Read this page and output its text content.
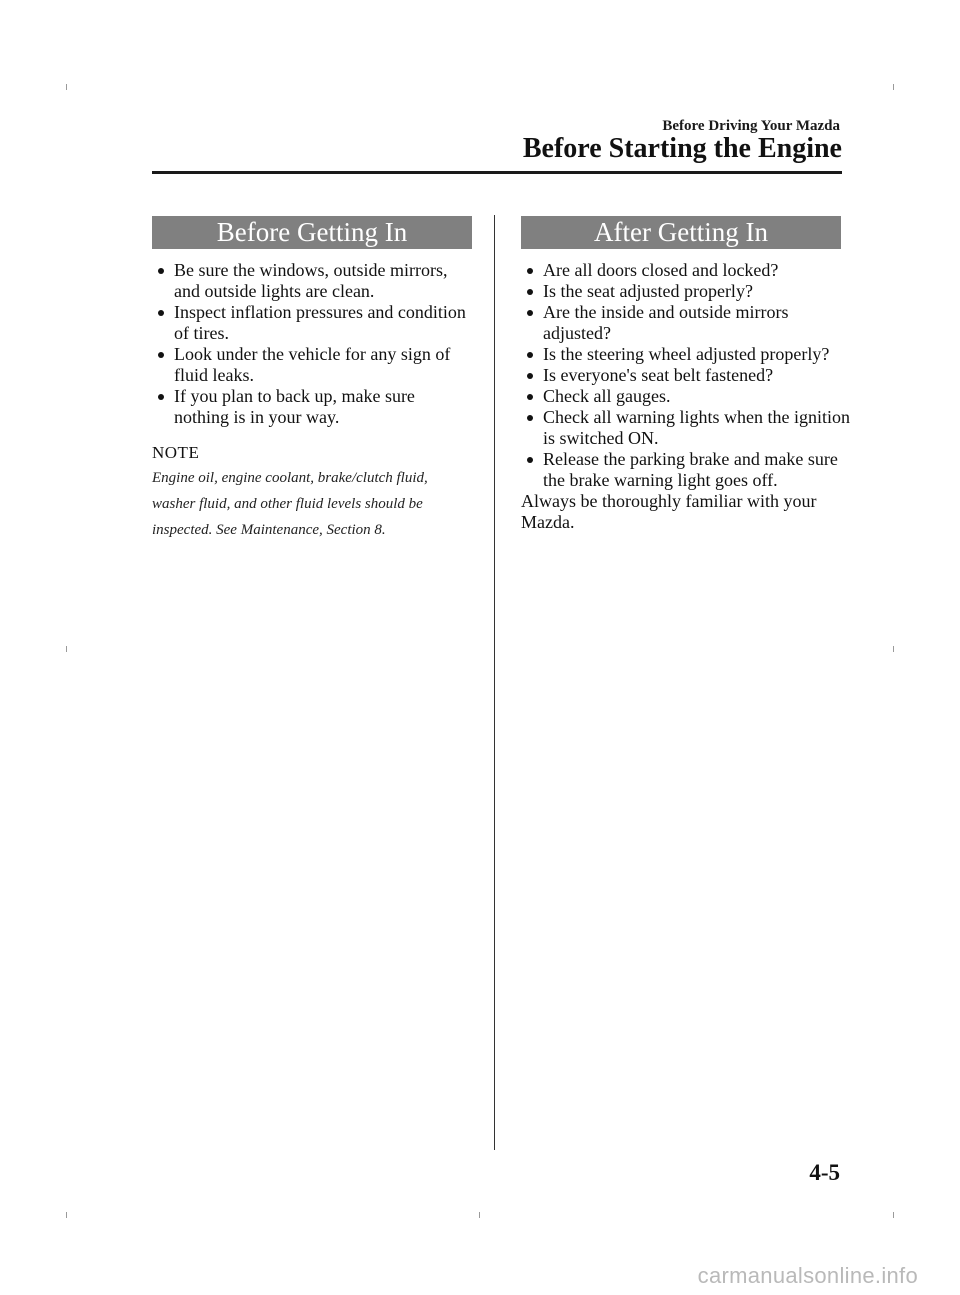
Before Driving Your Mazda
Before Starting the Engine
Before Getting In
Be sure the windows, outside mirrors, and outside lights are clean.
Inspect inflation pressures and condition of tires.
Look under the vehicle for any sign of fluid leaks.
If you plan to back up, make sure nothing is in your way.
NOTE
Engine oil, engine coolant, brake/clutch fluid, washer fluid, and other fluid levels should be inspected. See Maintenance, Section 8.
After Getting In
Are all doors closed and locked?
Is the seat adjusted properly?
Are the inside and outside mirrors adjusted?
Is the steering wheel adjusted properly?
Is everyone's seat belt fastened?
Check all gauges.
Check all warning lights when the ignition is switched ON.
Release the parking brake and make sure the brake warning light goes off.
Always be thoroughly familiar with your Mazda.
4-5
carmanualsonline.info
